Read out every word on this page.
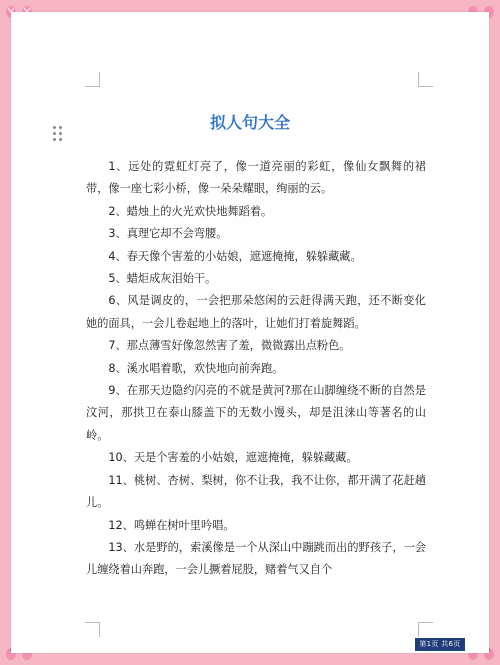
拟人句大全

1、远处的霓虹灯亮了，像一道亮丽的彩虹，像仙女飘舞的裙带，像一座七彩小桥，像一朵朵耀眼，绚丽的云。

2、蜡烛上的火光欢快地舞蹈着。

3、真理它却不会弯腰。

4、春天像个害羞的小姑娘，遮遮掩掩，躲躲藏藏。

5、蜡炬成灰泪始干。

6、风是调皮的，一会把那朵悠闲的云赶得满天跑，还不断变化她的面具，一会儿卷起地上的落叶，让她们打着旋舞蹈。

7、那点薄雪好像忽然害了羞，微微露出点粉色。

8、溪水唱着歌，欢快地向前奔跑。

9、在那天边隐约闪亮的不就是黄河?那在山脚缠绕不断的自然是汶河，那拱卫在泰山膝盖下的无数小馒头，却是沮涞山等著名的山岭。

10、天是个害羞的小姑娘，遮遮掩掩，躲躲藏藏。

11、桃树、杏树、梨树，你不让我，我不让你，都开满了花赶趟儿。

12、鸣蝉在树叶里吟唱。

13、水是野的，索溪像是一个从深山中蹦跳而出的野孩子，一会儿缠绕着山奔跑，一会儿撅着屁股，赌着气又自个

第1页 共6页
